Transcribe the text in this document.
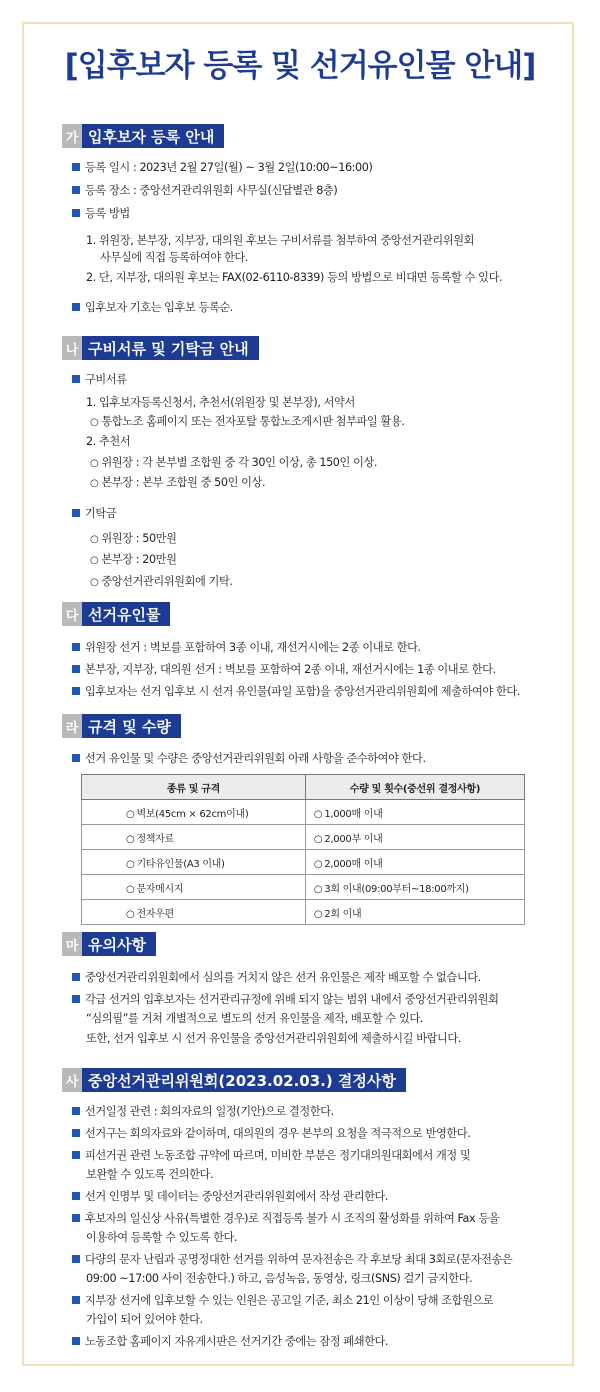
[입후보자 등록 및 선거유인물 안내]
가 입후보자 등록 안내
등록 일시 : 2023년 2월 27일(월) ~ 3월 2일(10:00~16:00)
등록 장소 : 중앙선거관리위원회 사무실(신답별관 8층)
등록 방법
1. 위원장, 본부장, 지부장, 대의원 후보는 구비서류를 첨부하여 중앙선거관리위원회
사무실에 직접 등록하여야 한다.
2. 단, 지부장, 대의원 후보는 FAX(02-6110-8339) 등의 방법으로 비대면 등록할 수 있다.
입후보자 기호는 입후보 등록순.
나 구비서류 및 기탁금 안내
구비서류
1. 입후보자등록신청서, 추천서(위원장 및 본부장), 서약서
○ 통합노조 홈페이지 또는 전자포탈 통합노조게시판 첨부파일 활용.
2. 추천서
○ 위원장 : 각 본부별 조합원 중 각 30인 이상, 총 150인 이상.
○ 본부장 : 본부 조합원 중 50인 이상.
기탁금
○ 위원장 : 50만원
○ 본부장 : 20만원
○ 중앙선거관리위원회에 기탁.
다 선거유인물
위원장 선거 : 벽보를 포함하여 3종 이내, 재선거시에는 2종 이내로 한다.
본부장, 지부장, 대의원 선거 : 벽보를 포함하여 2종 이내, 재선거시에는 1종 이내로 한다.
입후보자는 선거 입후보 시 선거 유인물(파일 포함)을 중앙선거관리위원회에 제출하여야 한다.
라 규격 및 수량
선거 유인물 및 수량은 중앙선거관리위원회 아래 사항을 준수하여야 한다.
종류 및 규격	수량 및 횟수(중선위 결정사항)
○ 벽보(45cm × 62cm이내)	○ 1,000매 이내
○ 정책자료	○ 2,000부 이내
○ 기타유인물(A3 이내)	○ 2,000매 이내
○ 문자메시지	○ 3회 이내(09:00부터~18:00까지)
○ 전자우편	○ 2회 이내
마 유의사항
중앙선거관리위원회에서 심의를 거치지 않은 선거 유인물은 제작 배포할 수 없습니다.
각급 선거의 입후보자는 선거관리규정에 위배 되지 않는 범위 내에서 중앙선거관리위원회
“심의필”를 거쳐 개별적으로 별도의 선거 유인물을 제작, 배포할 수 있다.
또한, 선거 입후보 시 선거 유인물을 중앙선거관리위원회에 제출하시길 바랍니다.
사 중앙선거관리위원회(2023.02.03.) 결정사항
선거일정 관련 : 회의자료의 일정(기안)으로 결정한다.
선거구는 회의자료와 같이하며, 대의원의 경우 본부의 요청을 적극적으로 반영한다.
피선거권 관련 노동조합 규약에 따르며, 미비한 부분은 정기대의원대회에서 개정 및
보완할 수 있도록 건의한다.
선거 인명부 및 데이터는 중앙선거관리위원회에서 작성 관리한다.
후보자의 일신상 사유(특별한 경우)로 직접등록 불가 시 조직의 활성화를 위하여 Fax 등을
이용하여 등록할 수 있도록 한다.
다량의 문자 난립과 공명정대한 선거를 위하여 문자전송은 각 후보당 최대 3회로(문자전송은
09:00 ~17:00 사이 전송한다.) 하고, 음성녹음, 동영상, 링크(SNS) 걸기 금지한다.
지부장 선거에 입후보할 수 있는 인원은 공고일 기준, 최소 21인 이상이 당해 조합원으로
가입이 되어 있어야 한다.
노동조합 홈페이지 자유게시판은 선거기간 중에는 잠정 폐쇄한다.
